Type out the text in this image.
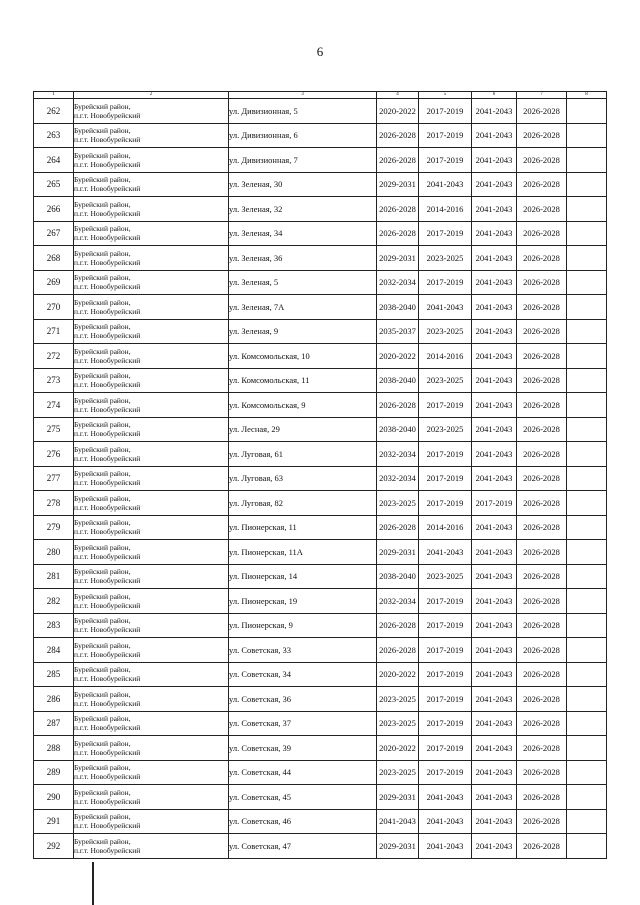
6
1	2	3	4	5	6	7	8
262	Бурейский район,
п.г.т. Новобурейский	ул. Дивизионная, 5	2020-2022	2017-2019	2041-2043	2026-2028	
263	Бурейский район,
п.г.т. Новобурейский	ул. Дивизионная, 6	2026-2028	2017-2019	2041-2043	2026-2028	
264	Бурейский район,
п.г.т. Новобурейский	ул. Дивизионная, 7	2026-2028	2017-2019	2041-2043	2026-2028	
265	Бурейский район,
п.г.т. Новобурейский	ул. Зеленая, 30	2029-2031	2041-2043	2041-2043	2026-2028	
266	Бурейский район,
п.г.т. Новобурейский	ул. Зеленая, 32	2026-2028	2014-2016	2041-2043	2026-2028	
267	Бурейский район,
п.г.т. Новобурейский	ул. Зеленая, 34	2026-2028	2017-2019	2041-2043	2026-2028	
268	Бурейский район,
п.г.т. Новобурейский	ул. Зеленая, 36	2029-2031	2023-2025	2041-2043	2026-2028	
269	Бурейский район,
п.г.т. Новобурейский	ул. Зеленая, 5	2032-2034	2017-2019	2041-2043	2026-2028	
270	Бурейский район,
п.г.т. Новобурейский	ул. Зеленая, 7А	2038-2040	2041-2043	2041-2043	2026-2028	
271	Бурейский район,
п.г.т. Новобурейский	ул. Зеленая, 9	2035-2037	2023-2025	2041-2043	2026-2028	
272	Бурейский район,
п.г.т. Новобурейский	ул. Комсомольская, 10	2020-2022	2014-2016	2041-2043	2026-2028	
273	Бурейский район,
п.г.т. Новобурейский	ул. Комсомольская, 11	2038-2040	2023-2025	2041-2043	2026-2028	
274	Бурейский район,
п.г.т. Новобурейский	ул. Комсомольская, 9	2026-2028	2017-2019	2041-2043	2026-2028	
275	Бурейский район,
п.г.т. Новобурейский	ул. Лесная, 29	2038-2040	2023-2025	2041-2043	2026-2028	
276	Бурейский район,
п.г.т. Новобурейский	ул. Луговая, 61	2032-2034	2017-2019	2041-2043	2026-2028	
277	Бурейский район,
п.г.т. Новобурейский	ул. Луговая, 63	2032-2034	2017-2019	2041-2043	2026-2028	
278	Бурейский район,
п.г.т. Новобурейский	ул. Луговая, 82	2023-2025	2017-2019	2017-2019	2026-2028	
279	Бурейский район,
п.г.т. Новобурейский	ул. Пионерская, 11	2026-2028	2014-2016	2041-2043	2026-2028	
280	Бурейский район,
п.г.т. Новобурейский	ул. Пионерская, 11А	2029-2031	2041-2043	2041-2043	2026-2028	
281	Бурейский район,
п.г.т. Новобурейский	ул. Пионерская, 14	2038-2040	2023-2025	2041-2043	2026-2028	
282	Бурейский район,
п.г.т. Новобурейский	ул. Пионерская, 19	2032-2034	2017-2019	2041-2043	2026-2028	
283	Бурейский район,
п.г.т. Новобурейский	ул. Пионерская, 9	2026-2028	2017-2019	2041-2043	2026-2028	
284	Бурейский район,
п.г.т. Новобурейский	ул. Советская, 33	2026-2028	2017-2019	2041-2043	2026-2028	
285	Бурейский район,
п.г.т. Новобурейский	ул. Советская, 34	2020-2022	2017-2019	2041-2043	2026-2028	
286	Бурейский район,
п.г.т. Новобурейский	ул. Советская, 36	2023-2025	2017-2019	2041-2043	2026-2028	
287	Бурейский район,
п.г.т. Новобурейский	ул. Советская, 37	2023-2025	2017-2019	2041-2043	2026-2028	
288	Бурейский район,
п.г.т. Новобурейский	ул. Советская, 39	2020-2022	2017-2019	2041-2043	2026-2028	
289	Бурейский район,
п.г.т. Новобурейский	ул. Советская, 44	2023-2025	2017-2019	2041-2043	2026-2028	
290	Бурейский район,
п.г.т. Новобурейский	ул. Советская, 45	2029-2031	2041-2043	2041-2043	2026-2028	
291	Бурейский район,
п.г.т. Новобурейский	ул. Советская, 46	2041-2043	2041-2043	2041-2043	2026-2028	
292	Бурейский район,
п.г.т. Новобурейский	ул. Советская, 47	2029-2031	2041-2043	2041-2043	2026-2028	
